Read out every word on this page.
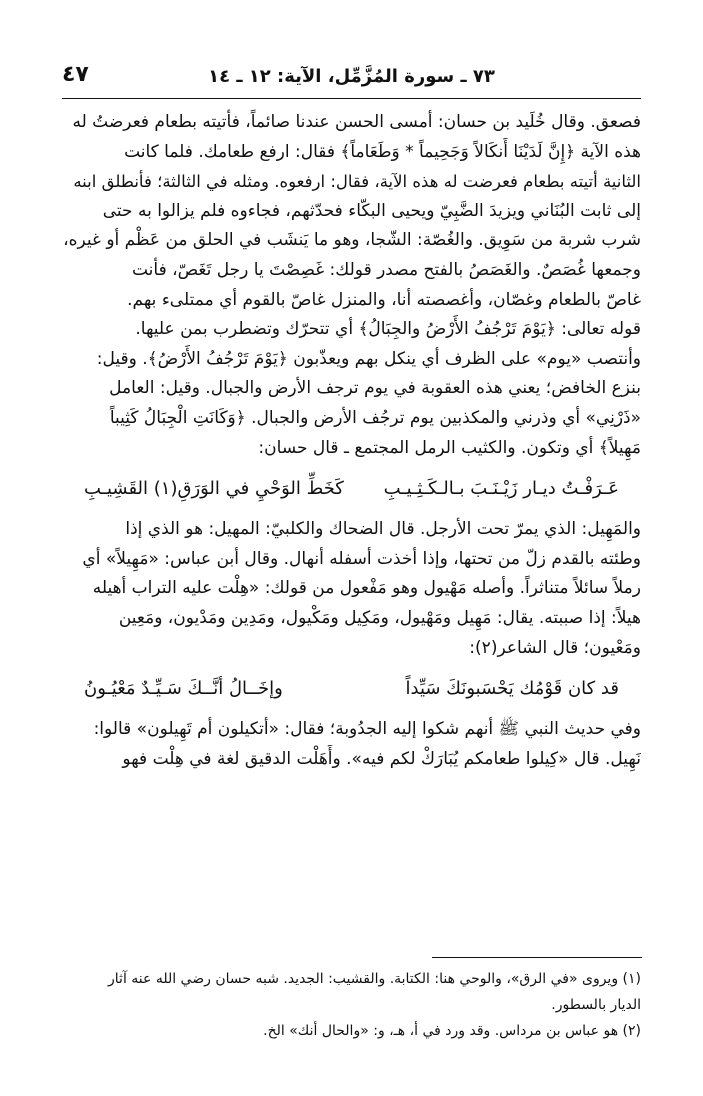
٧٣ ـ سورة المُزَّمِّل، الآية: ١٢ ـ ١٤
٤٧
فصعق. وقال خُلَيد بن حسان: أمسى الحسن عندنا صائماً، فأتيته بطعام فعرضتُ له
هذه الآية ﴿إِنَّ لَدَيْنَا أَنكَالاً وَجَحِيماً * وَطَعَاماً﴾ فقال: ارفع طعامك. فلما كانت
الثانية أتيته بطعام فعرضت له هذه الآية، فقال: ارفعوه. ومثله في الثالثة؛ فأنطلق ابنه
إلى ثابت البُنَاني ويزيدَ الضَّبِيّ ويحيى البكّاء فحدّثهم، فجاءوه فلم يزالوا به حتى
شرب شربة من سَوِيق. والغُصّة: الشّجا، وهو ما يَنشَب في الحلق من عَظْم أو غيره،
وجمعها غُصَصٌ. والغَصَصُ بالفتح مصدر قولك: غَصِصْتَ يا رجل تَغَصّ، فأنت
غاصّ بالطعام وغصّان، وأغصصته أنا، والمنزل غاصّ بالقوم أي ممتلىء بهم.
قوله تعالى: ﴿يَوْمَ تَرْجُفُ الأَرْضُ والجِبَالُ﴾ أي تتحرّك وتضطرب بمن عليها.
وأنتصب «يوم» على الظرف أي ينكل بهم ويعذّبون ﴿يَوْمَ تَرْجُفُ الأَرْضُ﴾. وقيل:
بنزع الخافض؛ يعني هذه العقوبة في يوم ترجف الأرض والجبال. وقيل: العامل
«ذَرْنِي» أي وذرني والمكذبين يوم ترجُف الأرض والجبال. ﴿وَكَانَتِ الْجِبَالُ كَثِيباً
مَهِيلاً﴾ أي وتكون. والكثيب الرمل المجتمع ـ قال حسان:
عَـرَفْـتُ ديـار زَيْـنَـبَ بـالـكَـثِـيـبِ
كَخَطِّ الوَحْيِ في الوَرَقِ(١) القَشِيـبِ
والمَهِيل: الذي يمرّ تحت الأرجل. قال الضحاك والكلبيّ: المهيل: هو الذي إذا
وطئته بالقدم زلّ من تحتها، وإذا أخذت أسفله أنهال. وقال أبن عباس: «مَهِيلاً» أي
رملاً سائلاً متناثراً. وأصله مَهْيول وهو مَفْعول من قولك: «هِلْت عليه التراب أهيله
هيلاً: إذا صببته. يقال: مَهِيل ومَهْيول، ومَكِيل ومَكْيول، ومَدِين ومَدْيون، ومَعِين
ومَعْيون؛ قال الشاعر(٢):
قد كان قَوْمُك يَحْسَبونَكَ سَيِّداً
وإخَــالُ أنَّــكَ سَـيِّـدٌ مَعْيُـونُ
وفي حديث النبي ﷺ أنهم شكوا إليه الجدُوبة؛ فقال: «أتكيلون أم تَهِيلون» قالوا:
نَهِيل. قال «كِيلوا طعامكم يُبَارَكْ لكم فيه». وأَهَلْت الدقيق لغة في هِلْت فهو
(١) ويروى «في الرق»، والوحي هنا: الكتابة. والقشيب: الجديد. شبه حسان رضي الله عنه آثار
الديار بالسطور.
(٢) هو عباس بن مرداس. وقد ورد في أ، هـ، و: «والحال أنك» الخ.
